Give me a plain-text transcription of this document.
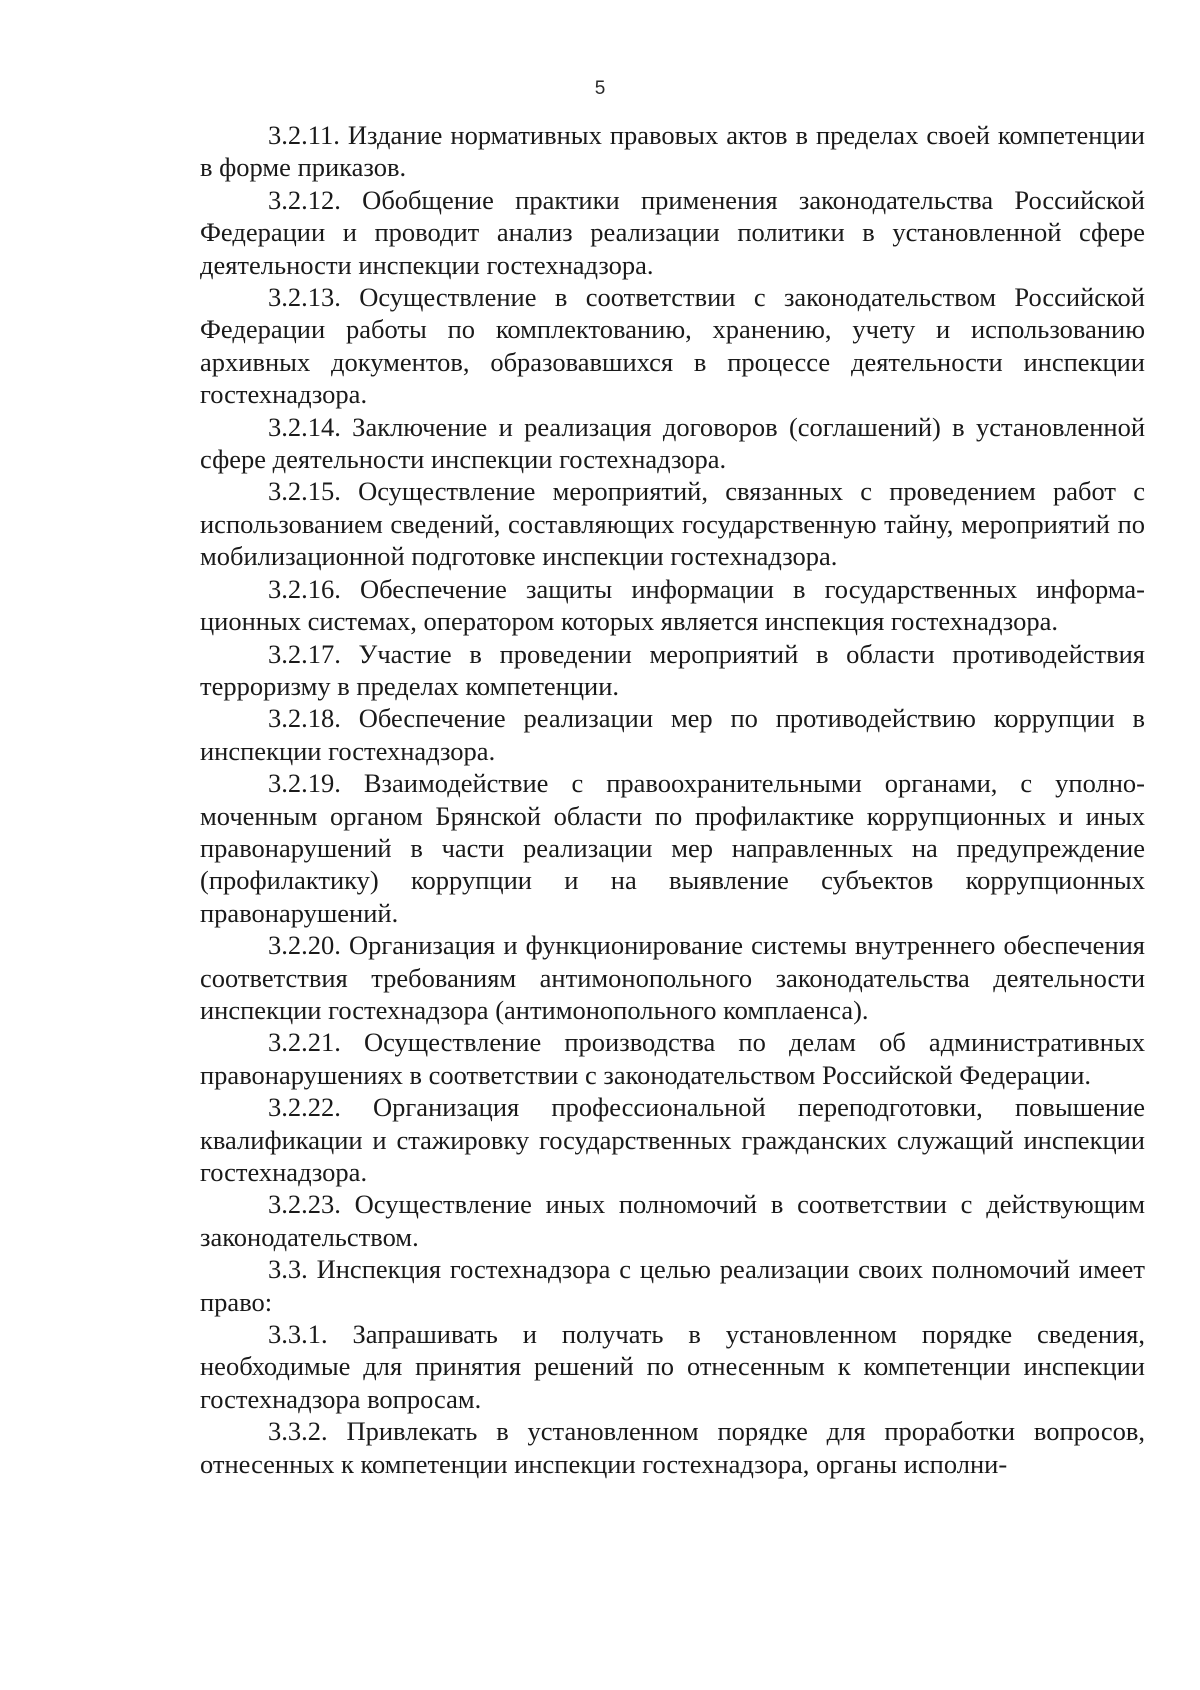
5

3.2.11. Издание нормативных правовых актов в пределах своей компетенции в форме приказов.

3.2.12. Обобщение практики применения законодательства Российской Федерации и проводит анализ реализации политики в установленной сфере деятельности инспекции гостехнадзора.

3.2.13. Осуществление в соответствии с законодательством Российской Федерации работы по комплектованию, хранению, учету и использованию архивных документов, образовавшихся в процессе деятельности инспекции гостехнадзора.

3.2.14. Заключение и реализация договоров (соглашений) в установленной сфере деятельности инспекции гостехнадзора.

3.2.15. Осуществление мероприятий, связанных с проведением работ с использованием сведений, составляющих государственную тайну, мероприятий по мобилизационной подготовке инспекции гостехнадзора.

3.2.16. Обеспечение защиты информации в государственных информационных системах, оператором которых является инспекция гостехнадзора.

3.2.17. Участие в проведении мероприятий в области противодействия терроризму в пределах компетенции.

3.2.18. Обеспечение реализации мер по противодействию коррупции в инспекции гостехнадзора.

3.2.19. Взаимодействие с правоохранительными органами, с уполномоченным органом Брянской области по профилактике коррупционных и иных правонарушений в части реализации мер направленных на предупреждение (профилактику) коррупции и на выявление субъектов коррупционных правонарушений.

3.2.20. Организация и функционирование системы внутреннего обеспечения соответствия требованиям антимонопольного законодательства деятельности инспекции гостехнадзора (антимонопольного комплаенса).

3.2.21. Осуществление производства по делам об административных правонарушениях в соответствии с законодательством Российской Федерации.

3.2.22. Организация профессиональной переподготовки, повышение квалификации и стажировку государственных гражданских служащий инспекции гостехнадзора.

3.2.23. Осуществление иных полномочий в соответствии с действующим законодательством.

3.3. Инспекция гостехнадзора с целью реализации своих полномочий имеет право:

3.3.1. Запрашивать и получать в установленном порядке сведения, необходимые для принятия решений по отнесенным к компетенции инспекции гостехнадзора вопросам.

3.3.2. Привлекать в установленном порядке для проработки вопросов, отнесенных к компетенции инспекции гостехнадзора, органы исполни-
